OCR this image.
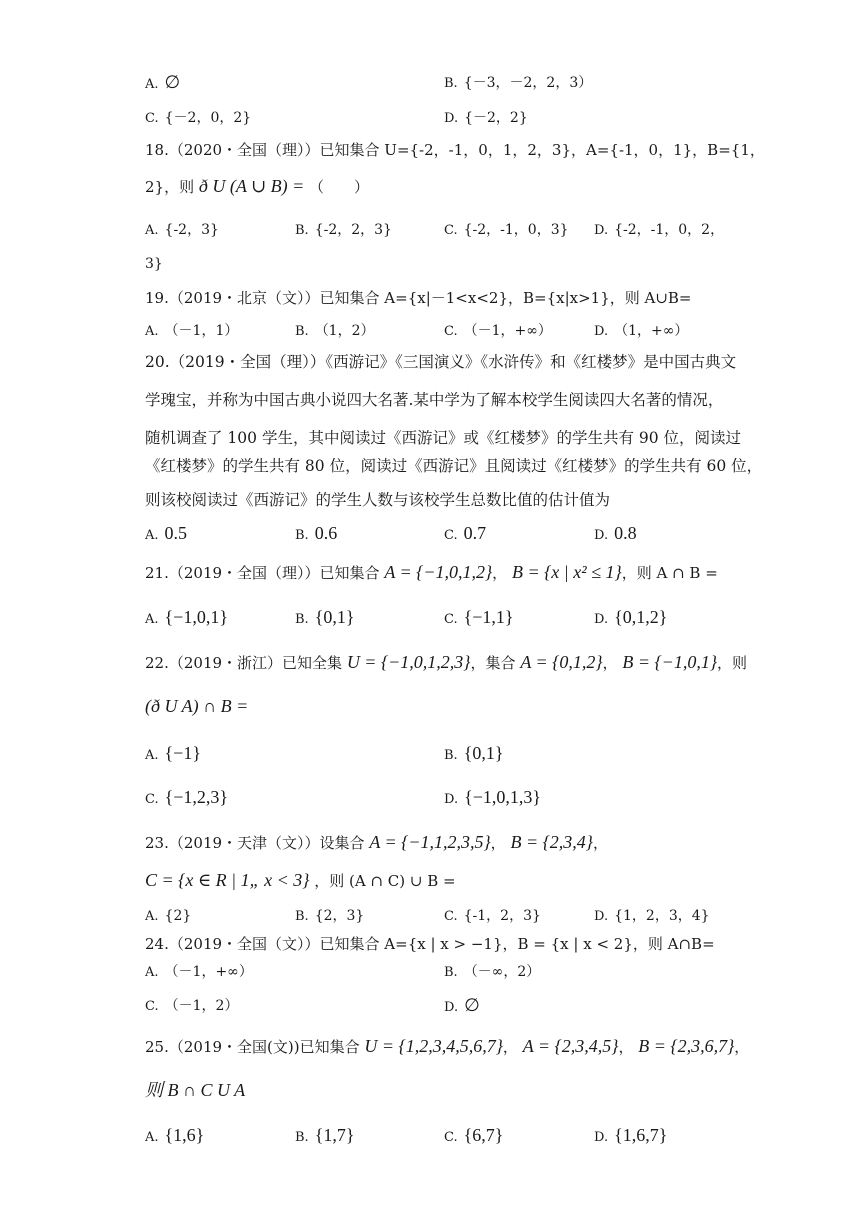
A. ∅	B. {－3，－2，2，3）
C. {－2，0，2}	D. {－2，2}
18.（2020・全国（理））已知集合 U={-2，-1，0，1，2，3}，A={-1，0，1}，B={1，
2}，则 ð U (A ∪ B) = （　　）
A. {-2，3}	B. {-2，2，3}	C. {-2，-1，0，3} D. {-2，-1，0，2，
3}
19.（2019・北京（文））已知集合 A={x|－1<x<2}，B={x|x>1}，则 A∪B=
A. （－1，1）	B. （1，2）	C. （－1，+∞）	D. （1，+∞）
20.（2019・全国（理））《西游记》《三国演义》《水浒传》和《红楼梦》是中国古典文
学瑰宝，并称为中国古典小说四大名著.某中学为了解本校学生阅读四大名著的情况，
随机调查了 100 学生，其中阅读过《西游记》或《红楼梦》的学生共有 90 位，阅读过
《红楼梦》的学生共有 80 位，阅读过《西游记》且阅读过《红楼梦》的学生共有 60 位，
则该校阅读过《西游记》的学生人数与该校学生总数比值的估计值为
A. 0.5	B. 0.6	C. 0.7	D. 0.8
21.（2019・全国（理））已知集合 A = {−1,0,1,2}， B = {x | x² ≤ 1}，则 A ∩ B =
A. {−1,0,1}	B. {0,1}	C. {−1,1}	D. {0,1,2}
22.（2019・浙江）已知全集 U = {−1,0,1,2,3}，集合 A = {0,1,2}， B = {−1,0,1}，则
(ð U A) ∩ B =
A. {−1}	B. {0,1}
C. {−1,2,3}	D. {−1,0,1,3}
23.（2019・天津（文））设集合 A = {−1,1,2,3,5}， B = {2,3,4}，
C = {x ∈ R | 1„ x < 3} ，则 (A ∩ C) ∪ B =
A. {2}	B. {2，3}	C. {-1，2，3}	D. {1，2，3，4}
24.（2019・全国（文））已知集合 A={x | x > −1}，B = {x | x < 2}，则 A∩B=
A. （－1，+∞）	B. （－∞，2）
C. （－1，2）	D. ∅
25.（2019・全国(文))已知集合 U = {1,2,3,4,5,6,7}， A = {2,3,4,5}， B = {2,3,6,7}，
则 B ∩ C U A
A. {1,6}	B. {1,7}	C. {6,7}	D. {1,6,7}
